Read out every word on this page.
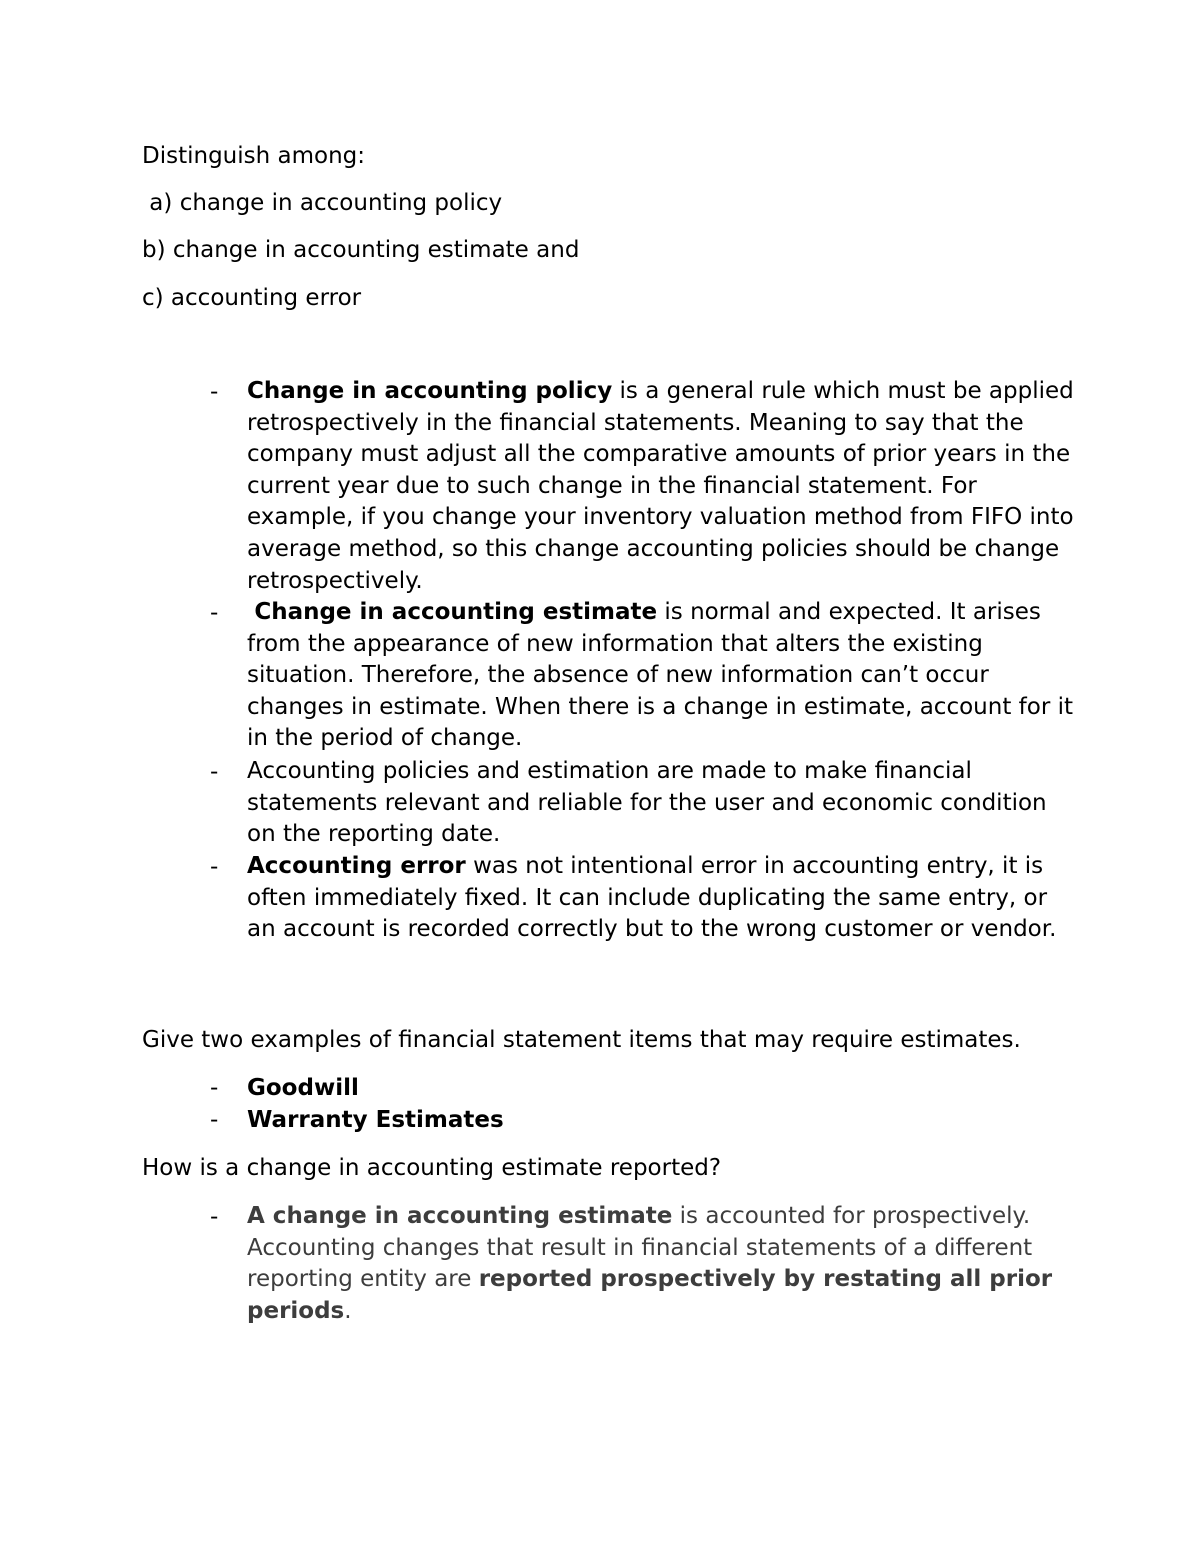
Distinguish among:
a) change in accounting policy
b) change in accounting estimate and
c) accounting error
-	Change in accounting policy is a general rule which must be applied retrospectively in the financial statements. Meaning to say that the company must adjust all the comparative amounts of prior years in the current year due to such change in the financial statement. For example, if you change your inventory valuation method from FIFO into average method, so this change accounting policies should be change retrospectively.

-	Change in accounting estimate is normal and expected. It arises from the appearance of new information that alters the existing situation. Therefore, the absence of new information can’t occur changes in estimate. When there is a change in estimate, account for it in the period of change.

-	Accounting policies and estimation are made to make financial statements relevant and reliable for the user and economic condition on the reporting date.

-	Accounting error was not intentional error in accounting entry, it is often immediately fixed. It can include duplicating the same entry, or an account is recorded correctly but to the wrong customer or vendor.

Give two examples of financial statement items that may require estimates.
-	Goodwill
-	Warranty Estimates
How is a change in accounting estimate reported?
-	A change in accounting estimate is accounted for prospectively. Accounting changes that result in financial statements of a different reporting entity are reported prospectively by restating all prior periods.
